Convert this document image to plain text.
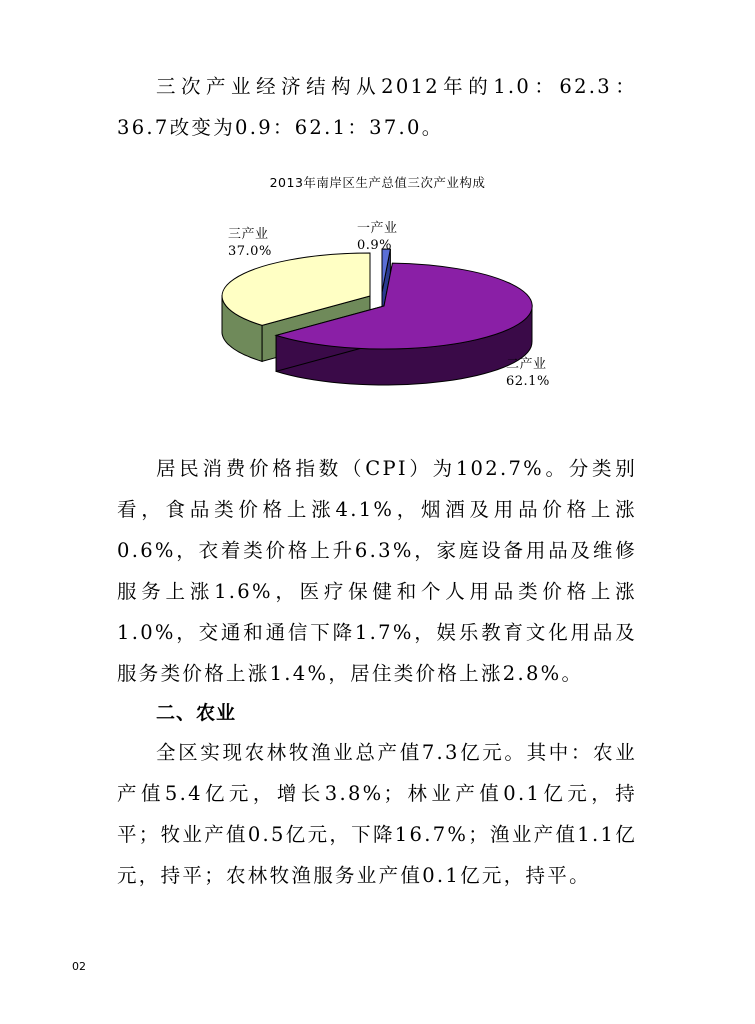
三次产业经济结构从2012年的1.0：62.3：36.7改变为0.9：62.1：37.0。

2013年南岸区生产总值三次产业构成
三产业
37.0%
一产业
0.9%
二产业
62.1%

居民消费价格指数（CPI）为102.7%。分类别看，食品类价格上涨4.1%，烟酒及用品价格上涨0.6%，衣着类价格上升6.3%，家庭设备用品及维修服务上涨1.6%，医疗保健和个人用品类价格上涨1.0%，交通和通信下降1.7%，娱乐教育文化用品及服务类价格上涨1.4%，居住类价格上涨2.8%。

二、农业

全区实现农林牧渔业总产值7.3亿元。其中：农业产值5.4亿元，增长3.8%；林业产值0.1亿元，持平；牧业产值0.5亿元，下降16.7%；渔业产值1.1亿元，持平；农林牧渔服务业产值0.1亿元，持平。

02
